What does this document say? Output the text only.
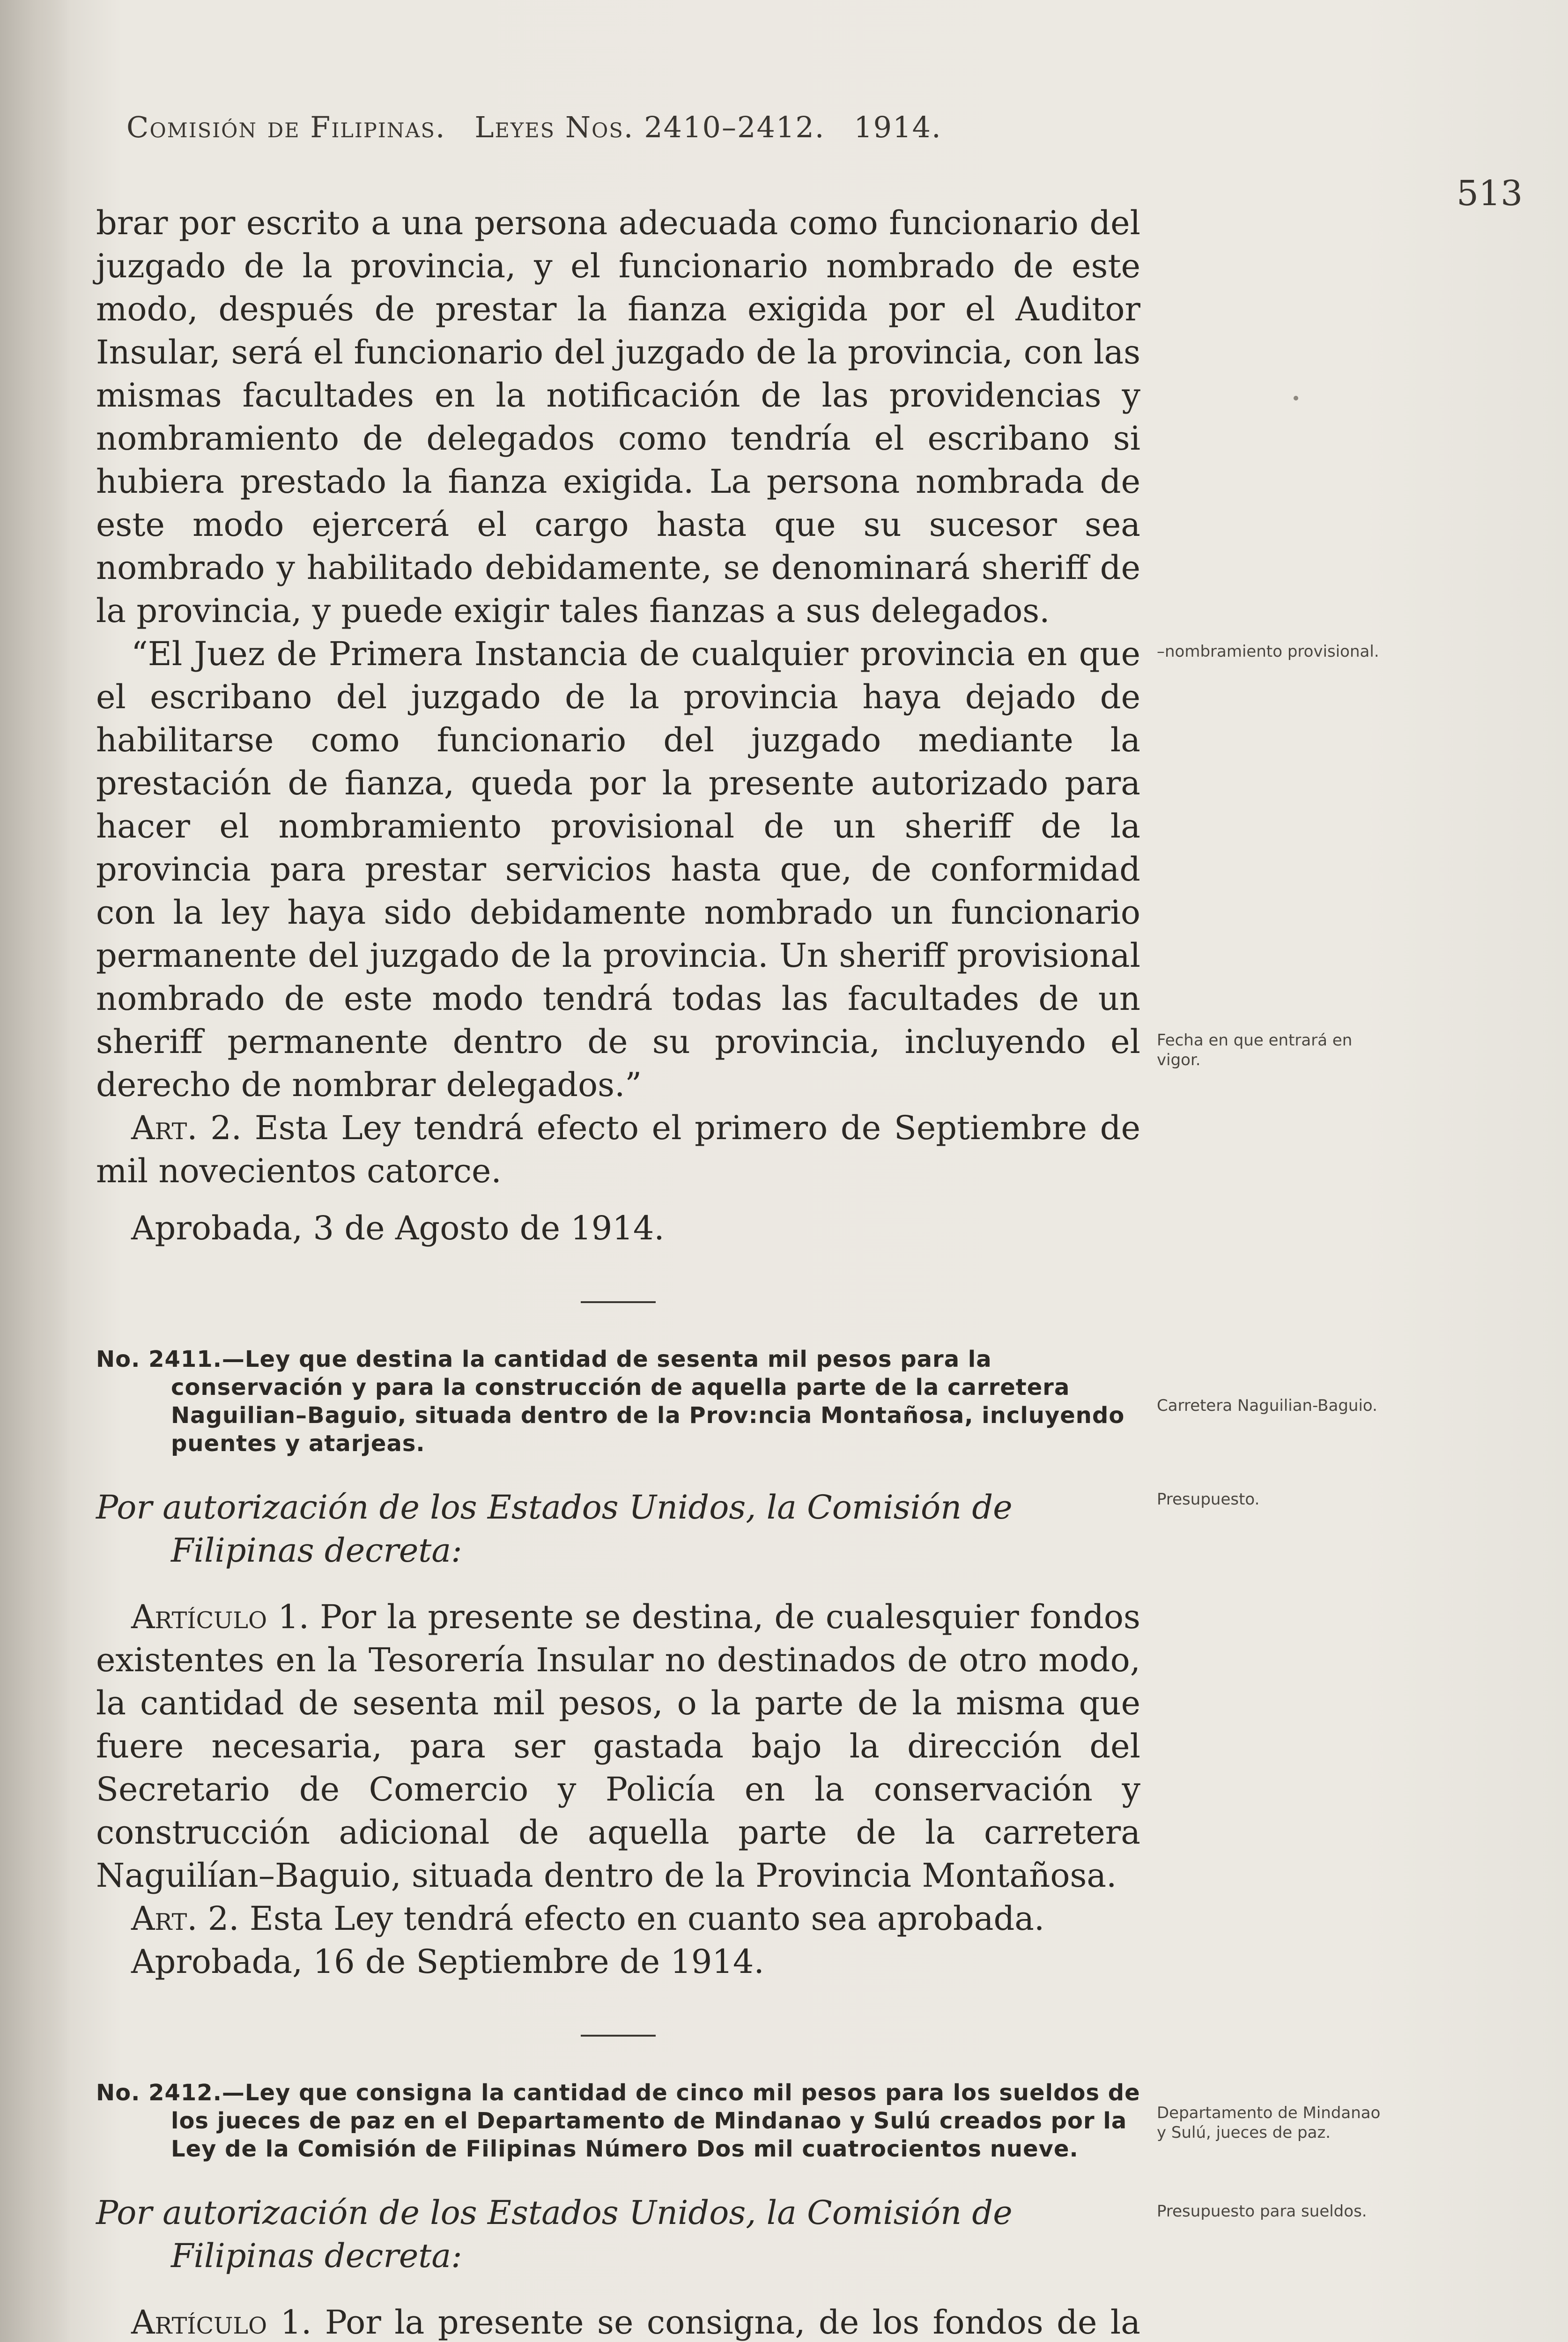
Comisión de Filipinas. Leyes Nos. 2410–2412. 1914.
513

brar por escrito a una persona adecuada como funcionario del juzgado de la provincia, y el funcionario nombrado de este modo, después de prestar la fianza exigida por el Auditor Insular, será el funcionario del juzgado de la provincia, con las mismas facultades en la notificación de las providencias y nombramiento de delegados como tendría el escribano si hubiera prestado la fianza exigida. La persona nombrada de este modo ejercerá el cargo hasta que su sucesor sea nombrado y habilitado debidamente, se denominará sheriff de la provincia, y puede exigir tales fianzas a sus delegados.

“El Juez de Primera Instancia de cualquier provincia en que el escribano del juzgado de la provincia haya dejado de habilitarse como funcionario del juzgado mediante la prestación de fianza, queda por la presente autorizado para hacer el nombramiento provisional de un sheriff de la provincia para prestar servicios hasta que, de conformidad con la ley haya sido debidamente nombrado un funcionario permanente del juzgado de la provincia. Un sheriff provisional nombrado de este modo tendrá todas las facultades de un sheriff permanente dentro de su provincia, incluyendo el derecho de nombrar delegados.”

Art. 2. Esta Ley tendrá efecto el primero de Septiembre de mil novecientos catorce.

Aprobada, 3 de Agosto de 1914.

No. 2411.—Ley que destina la cantidad de sesenta mil pesos para la conservación y para la construcción de aquella parte de la carretera Naguilian–Baguio, situada dentro de la Prov:ncia Montañosa, incluyendo puentes y atarjeas.

Por autorización de los Estados Unidos, la Comisión de Filipinas decreta:

Artículo 1. Por la presente se destina, de cualesquier fondos existentes en la Tesorería Insular no destinados de otro modo, la cantidad de sesenta mil pesos, o la parte de la misma que fuere necesaria, para ser gastada bajo la dirección del Secretario de Comercio y Policía en la conservación y construcción adicional de aquella parte de la carretera Naguilían–Baguio, situada dentro de la Provincia Montañosa.

Art. 2. Esta Ley tendrá efecto en cuanto sea aprobada.

Aprobada, 16 de Septiembre de 1914.

No. 2412.—Ley que consigna la cantidad de cinco mil pesos para los sueldos de los jueces de paz en el Departamento de Mindanao y Sulú creados por la Ley de la Comisión de Filipinas Número Dos mil cuatrocientos nueve.

Por autorización de los Estados Unidos, la Comisión de Filipinas decreta:

Artículo 1. Por la presente se consigna, de los fondos de la

–nombramiento provisional.
Fecha en que entrará en vigor.
Carretera Naguilian-Baguio.
Presupuesto.
Departamento de Mindanao y Sulú, jueces de paz.
Presupuesto para sueldos.
